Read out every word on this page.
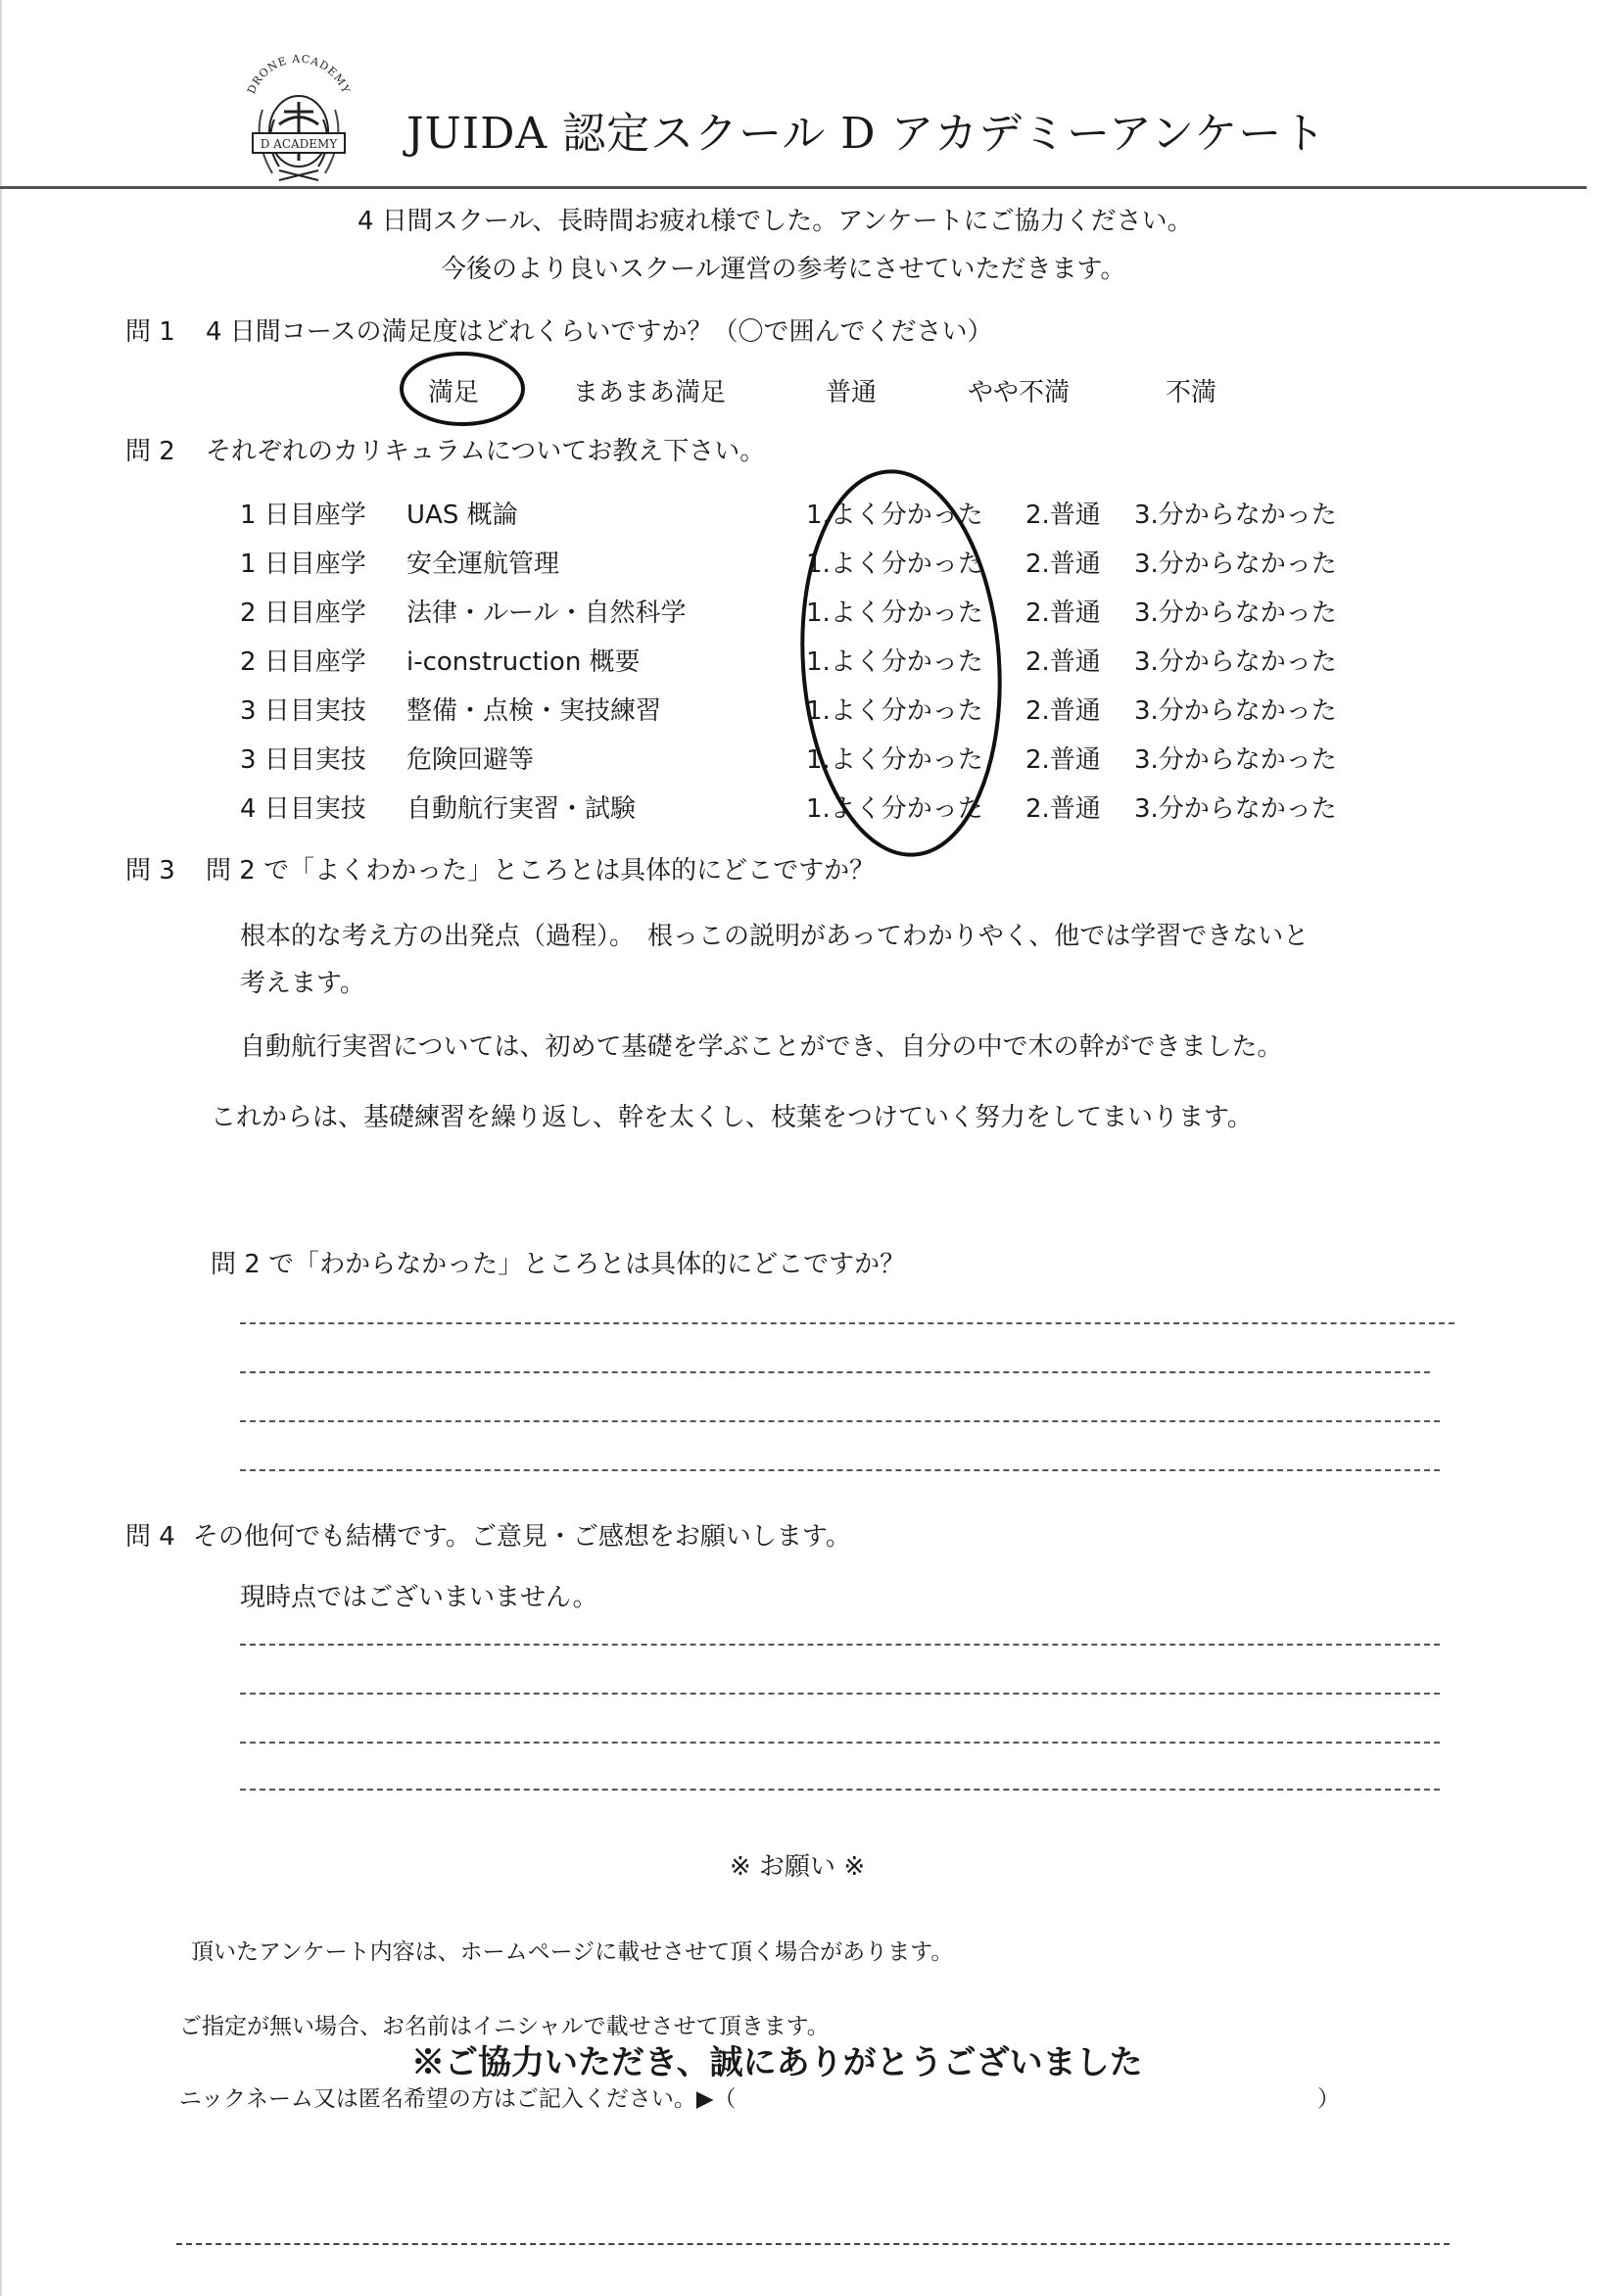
DRONE ACADEMY
D ACADEMY JUIDA 認定スクール D アカデミーアンケート
4 日間スクール、長時間お疲れ様でした。アンケートにご協力ください。
今後のより良いスクール運営の参考にさせていただきます。
問 1 4 日間コースの満足度はどれくらいですか？（〇で囲んでください）
満足	まあまあ満足	普通	やや不満	不満
問 2 それぞれのカリキュラムについてお教え下さい。
1 日目座学 UAS 概論	1.よく分かった 2.普通 3.分からなかった
1 日目座学 安全運航管理	1.よく分かった 2.普通 3.分からなかった
2 日目座学 法律・ルール・自然科学	1.よく分かった 2.普通 3.分からなかった
2 日目座学 i-construction 概要	1.よく分かった 2.普通 3.分からなかった
3 日目実技 整備・点検・実技練習	1.よく分かった 2.普通 3.分からなかった
3 日目実技 危険回避等	1.よく分かった 2.普通 3.分からなかった
4 日目実技 自動航行実習・試験	1.よく分かった 2.普通 3.分からなかった
問 3 問 2 で「よくわかった」ところとは具体的にどこですか？
根本的な考え方の出発点（過程）。　根っこの説明があってわかりやく、他では学習できないと
考えます。
自動航行実習については、初めて基礎を学ぶことができ、自分の中で木の幹ができました。
これからは、基礎練習を繰り返し、幹を太くし、枝葉をつけていく努力をしてまいります。
問 2 で「わからなかった」ところとは具体的にどこですか？
問 4 その他何でも結構です。ご意見・ご感想をお願いします。
現時点ではございまいません。
※ お願い ※
頂いたアンケート内容は、ホームページに載せさせて頂く場合があります。
ご指定が無い場合、お名前はイニシャルで載せさせて頂きます。
※ご協力いただき、誠にありがとうございました
ニックネーム又は匿名希望の方はご記入ください。▶（	）
